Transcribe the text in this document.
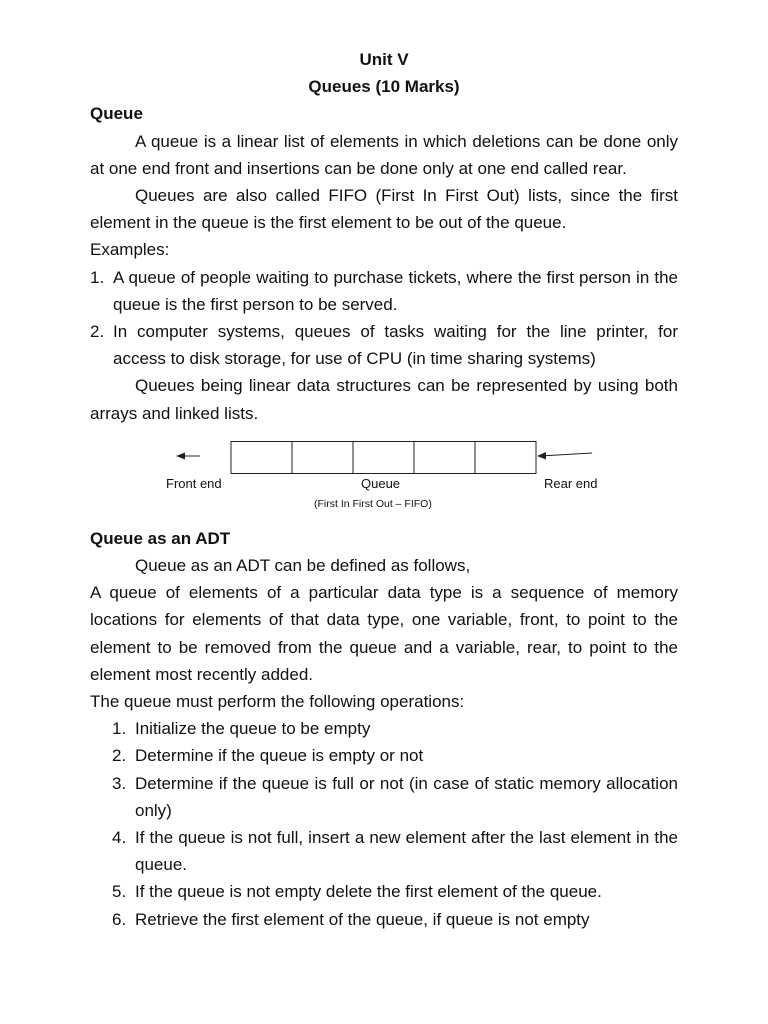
Unit V
Queues (10 Marks)
Queue
A queue is a linear list of elements in which deletions can be done only at one end front and insertions can be done only at one end called rear.
Queues are also called FIFO (First In First Out) lists, since the first element in the queue is the first element to be out of the queue.
Examples:
1. A queue of people waiting to purchase tickets, where the first person in the queue is the first person to be served.
2. In computer systems, queues of tasks waiting for the line printer, for access to disk storage, for use of CPU (in time sharing systems)
Queues being linear data structures can be represented by using both arrays and linked lists.
Front end	Queue	Rear end
(First In First Out – FIFO)
Queue as an ADT
Queue as an ADT can be defined as follows,
A queue of elements of a particular data type is a sequence of memory locations for elements of that data type, one variable, front, to point to the element to be removed from the queue and a variable, rear, to point to the element most recently added.
The queue must perform the following operations:
1. Initialize the queue to be empty
2. Determine if the queue is empty or not
3. Determine if the queue is full or not (in case of static memory allocation only)
4. If the queue is not full, insert a new element after the last element in the queue.
5. If the queue is not empty delete the first element of the queue.
6. Retrieve the first element of the queue, if queue is not empty
